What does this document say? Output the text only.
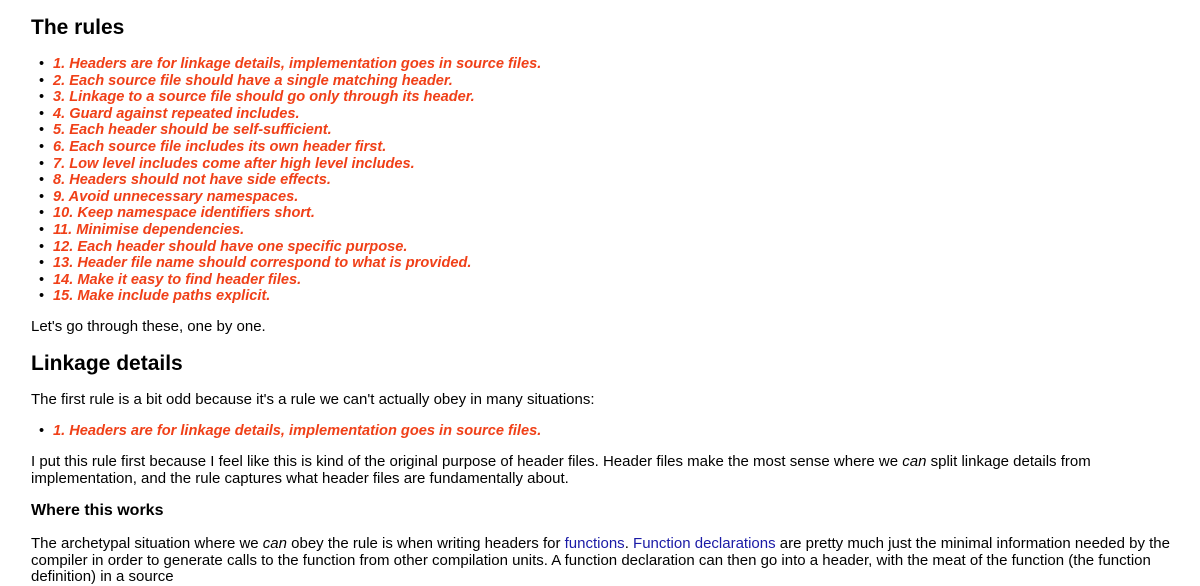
The rules
• 1. Headers are for linkage details, implementation goes in source files.
• 2. Each source file should have a single matching header.
• 3. Linkage to a source file should go only through its header.
• 4. Guard against repeated includes.
• 5. Each header should be self-sufficient.
• 6. Each source file includes its own header first.
• 7. Low level includes come after high level includes.
• 8. Headers should not have side effects.
• 9. Avoid unnecessary namespaces.
• 10. Keep namespace identifiers short.
• 11. Minimise dependencies.
• 12. Each header should have one specific purpose.
• 13. Header file name should correspond to what is provided.
• 14. Make it easy to find header files.
• 15. Make include paths explicit.

Let's go through these, one by one.

Linkage details

The first rule is a bit odd because it's a rule we can't actually obey in many situations:

• 1. Headers are for linkage details, implementation goes in source files.

I put this rule first because I feel like this is kind of the original purpose of header files. Header files make the most sense where we can split linkage details from implementation, and the rule captures what header files are fundamentally about.

Where this works

The archetypal situation where we can obey the rule is when writing headers for functions. Function declarations are pretty much just the minimal information needed by the compiler in order to generate calls to the function from other compilation units. A function declaration can then go into a header, with the meat of the function (the function definition) in a source
